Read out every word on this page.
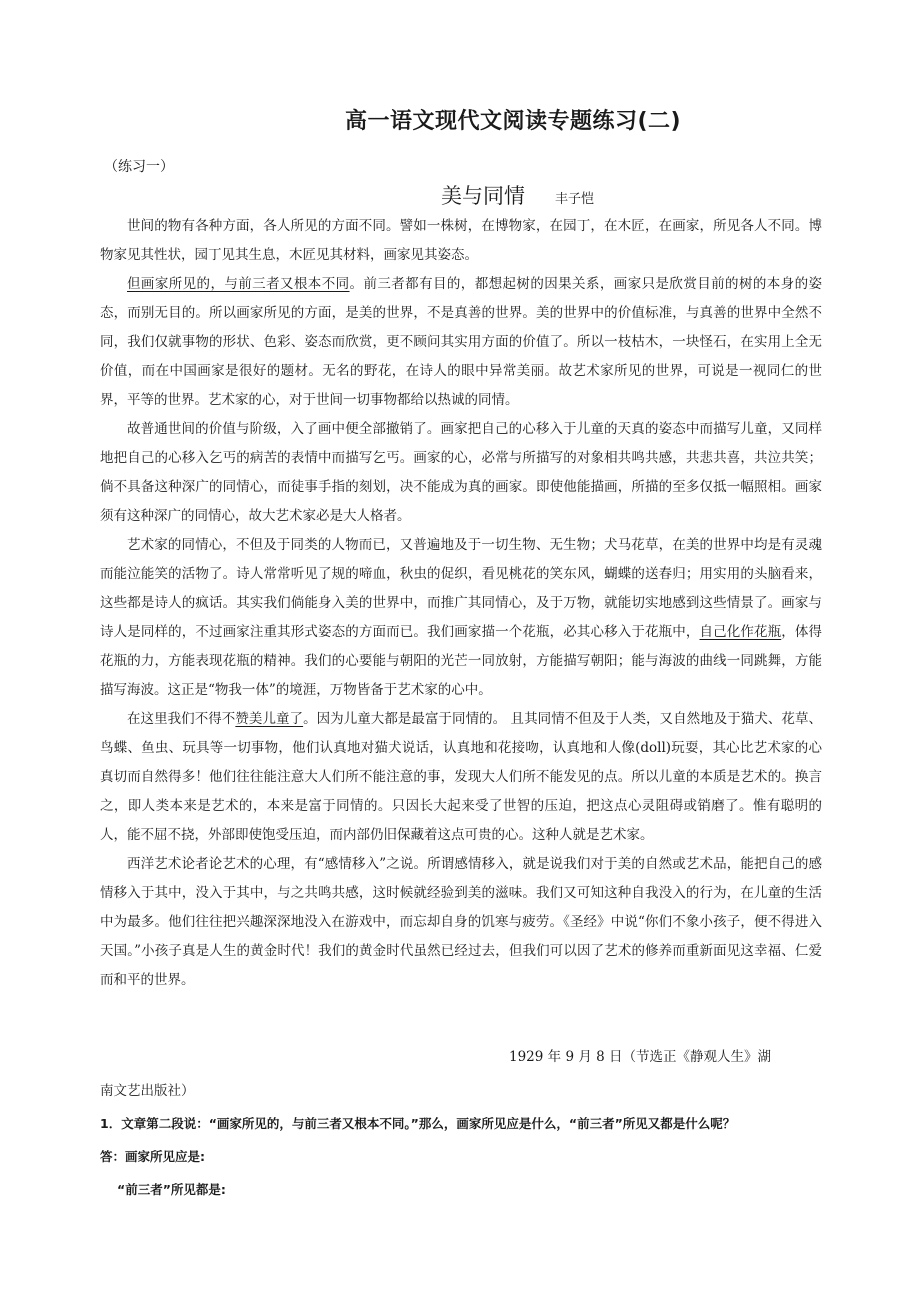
高一语文现代文阅读专题练习(二)
（练习一）
美与同情 丰子恺

世间的物有各种方面，各人所见的方面不同。譬如一株树，在博物家，在园丁，在木匠，在画家，所见各人不同。博物家见其性状，园丁见其生息，木匠见其材料，画家见其姿态。

但画家所见的，与前三者又根本不同。前三者都有目的，都想起树的因果关系，画家只是欣赏目前的树的本身的姿态，而别无目的。所以画家所见的方面，是美的世界，不是真善的世界。美的世界中的价值标准，与真善的世界中全然不同，我们仅就事物的形状、色彩、姿态而欣赏，更不顾问其实用方面的价值了。所以一枝枯木，一块怪石，在实用上全无价值，而在中国画家是很好的题材。无名的野花，在诗人的眼中异常美丽。故艺术家所见的世界，可说是一视同仁的世界，平等的世界。艺术家的心，对于世间一切事物都给以热诚的同情。

故普通世间的价值与阶级，入了画中便全部撤销了。画家把自己的心移入于儿童的天真的姿态中而描写儿童，又同样地把自己的心移入乞丐的病苦的表情中而描写乞丐。画家的心，必常与所描写的对象相共鸣共感，共悲共喜，共泣共笑；倘不具备这种深广的同情心，而徒事手指的刻划，决不能成为真的画家。即使他能描画，所描的至多仅抵一幅照相。画家须有这种深广的同情心，故大艺术家必是大人格者。

艺术家的同情心，不但及于同类的人物而已，又普遍地及于一切生物、无生物；犬马花草，在美的世界中均是有灵魂而能泣能笑的活物了。诗人常常听见了规的啼血，秋虫的促织，看见桃花的笑东风，蝴蝶的送春归；用实用的头脑看来，这些都是诗人的疯话。其实我们倘能身入美的世界中，而推广其同情心，及于万物，就能切实地感到这些情景了。画家与诗人是同样的，不过画家注重其形式姿态的方面而已。我们画家描一个花瓶，必其心移入于花瓶中，自己化作花瓶，体得花瓶的力，方能表现花瓶的精神。我们的心要能与朝阳的光芒一同放射，方能描写朝阳；能与海波的曲线一同跳舞，方能描写海波。这正是“物我一体”的境涯，万物皆备于艺术家的心中。

在这里我们不得不赞美儿童了。因为儿童大都是最富于同情的。 且其同情不但及于人类，又自然地及于猫犬、花草、鸟蝶、鱼虫、玩具等一切事物，他们认真地对猫犬说话，认真地和花接吻，认真地和人像(doll)玩耍，其心比艺术家的心真切而自然得多！他们往往能注意大人们所不能注意的事，发现大人们所不能发见的点。所以儿童的本质是艺术的。换言之，即人类本来是艺术的，本来是富于同情的。只因长大起来受了世智的压迫，把这点心灵阻碍或销磨了。惟有聪明的人，能不屈不挠，外部即使饱受压迫，而内部仍旧保藏着这点可贵的心。这种人就是艺术家。

西洋艺术论者论艺术的心理，有“感情移入”之说。所谓感情移入，就是说我们对于美的自然或艺术品，能把自己的感情移入于其中，没入于其中，与之共鸣共感，这时候就经验到美的滋味。我们又可知这种自我没入的行为，在儿童的生活中为最多。他们往往把兴趣深深地没入在游戏中，而忘却自身的饥寒与疲劳。《圣经》中说“你们不象小孩子，便不得进入天国。”小孩子真是人生的黄金时代！我们的黄金时代虽然已经过去，但我们可以因了艺术的修养而重新面见这幸福、仁爱而和平的世界。

1929 年 9 月 8 日（节选正《静观人生》湖
南文艺出版社）
1．文章第二段说：“画家所见的，与前三者又根本不同。”那么，画家所见应是什么，“前三者”所见又都是什么呢？
答：画家所见应是:
“前三者”所见都是:
